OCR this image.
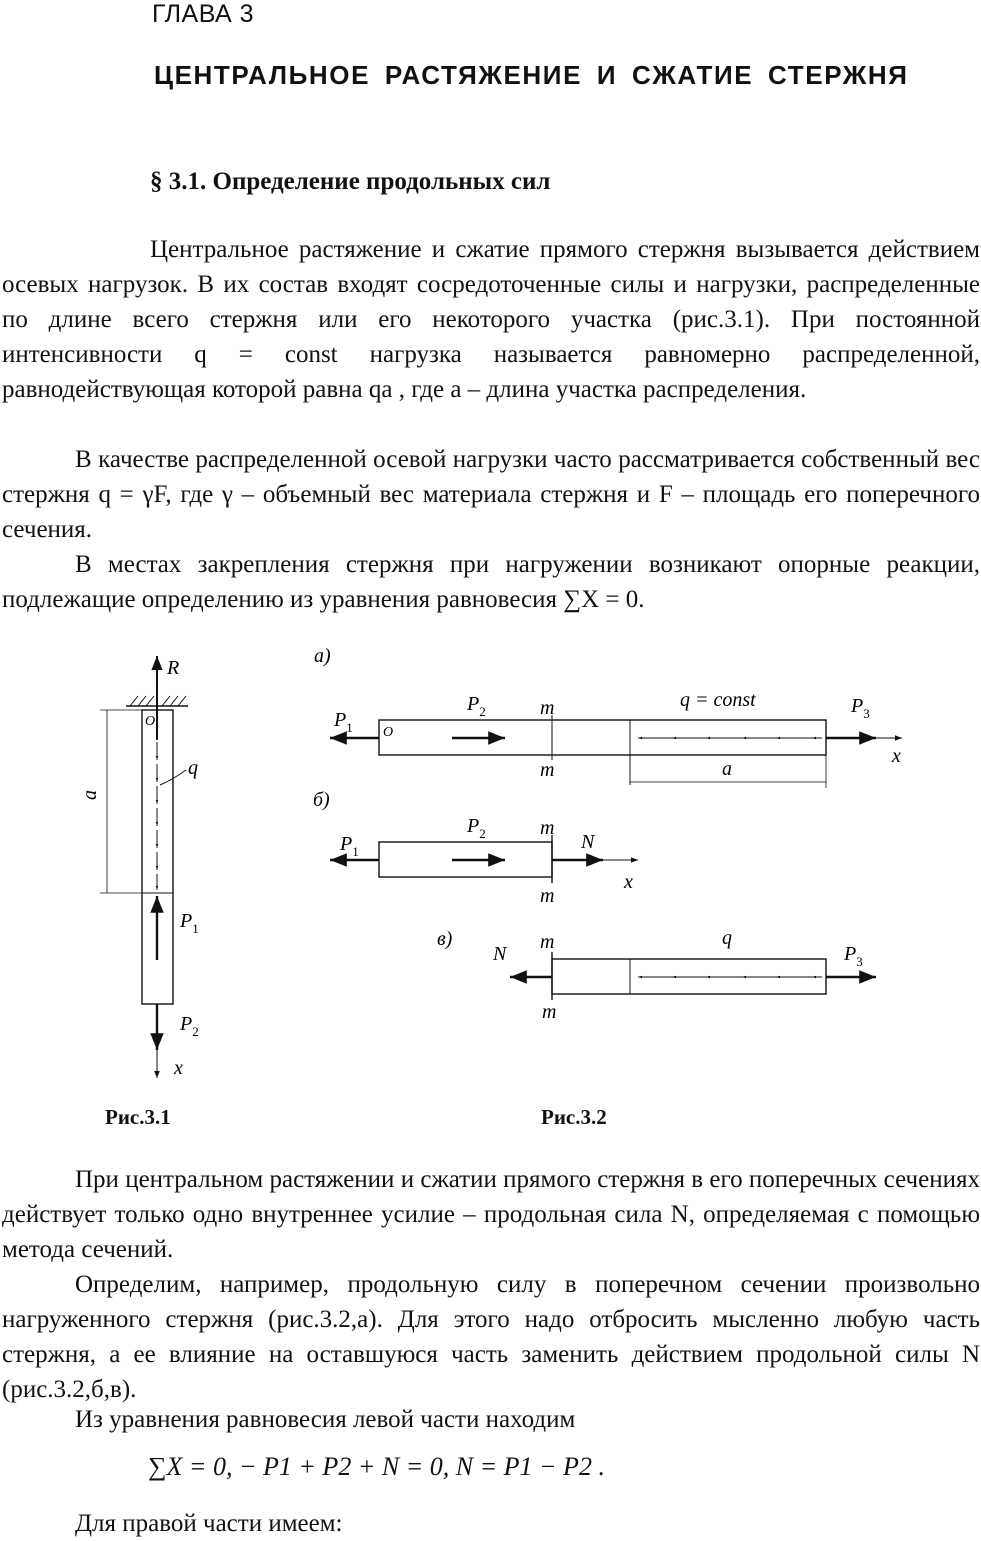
ГЛАВА 3
ЦЕНТРАЛЬНОЕ РАСТЯЖЕНИЕ И СЖАТИЕ СТЕРЖНЯ
§ 3.1. Определение продольных сил
Центральное растяжение и сжатие прямого стержня вызывается действием осевых нагрузок. В их состав входят сосредоточенные силы и нагрузки, распределенные по длине всего стержня или его некоторого участка (рис.3.1). При постоянной интенсивности q = const нагрузка называется равномерно распределенной, равнодействующая которой равна qa , где a – длина участка распределения.
В качестве распределенной осевой нагрузки часто рассматривается собственный вес стержня q = γF, где γ – объемный вес материала стержня и F – площадь его поперечного сечения.
В местах закрепления стержня при нагружении возникают опорные реакции, подлежащие определению из уравнения равновесия ∑X = 0.
R
O
q
a
$P_1$
$P_2$
x
а)
O
$P_1$
$P_2$	m
m
q = const	$P_3$
x
a
б)
$P_1$
$P_2$	m
m
N
x
в)
N
m
m
q
$P_3$
Рис.3.1	Рис.3.2
При центральном растяжении и сжатии прямого стержня в его поперечных сечениях действует только одно внутреннее усилие – продольная сила N, определяемая с помощью метода сечений.
Определим, например, продольную силу в поперечном сечении произвольно нагруженного стержня (рис.3.2,а). Для этого надо отбросить мысленно любую часть стержня, а ее влияние на оставшуюся часть заменить действием продольной силы N (рис.3.2,б,в).
Из уравнения равновесия левой части находим
∑X = 0, − P1 + P2 + N = 0, N = P1 − P2 .
Для правой части имеем:
